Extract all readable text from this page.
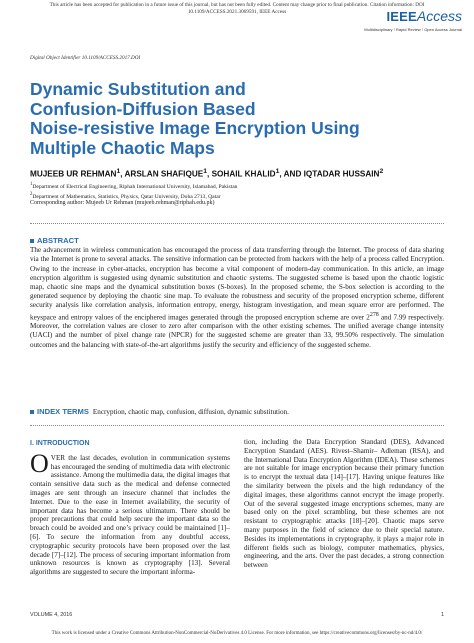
This article has been accepted for publication in a future issue of this journal, but has not been fully edited. Content may change prior to final publication. Citation information: DOI
10.1109/ACCESS.2021.3069591, IEEE Access	IEEEAccess
Multidisciplinary ⁝ Rapid Review ⁝ Open Access Journal
Digital Object Identifier 10.1109/ACCESS.2017.DOI
Dynamic Substitution and
Confusion-Diffusion Based
Noise-resistive Image Encryption Using
Multiple Chaotic Maps
MUJEEB UR REHMAN$^1$, ARSLAN SHAFIQUE$^1$, SOHAIL KHALID$^1$, AND IQTADAR HUSSAIN$^2$
$^1$Department of Electrical Engineering, Riphah International University, Islamabad, Pakistan
$^2$Department of Mathematics, Statistics, Physics, Qatar University, Doha 2713, Qatar
Corresponding author: Mujeeb Ur Rehman (mujeeb.rehman@riphah.edu.pk)
ABSTRACT
The advancement in wireless communication has encouraged the process of data transferring through the Internet. The process of data sharing via the Internet is prone to several attacks. The sensitive information can be protected from hackers with the help of a process called Encryption. Owing to the increase in cyber-attacks, encryption has become a vital component of modern-day communication. In this article, an image encryption algorithm is suggested using dynamic substitution and chaotic systems. The suggested scheme is based upon the chaotic logistic map, chaotic sine maps and the dynamical substitution boxes (S-boxes). In the proposed scheme, the S-box selection is according to the generated sequence by deploying the chaotic sine map. To evaluate the robustness and security of the proposed encryption scheme, different security analysis like correlation analysis, information entropy, energy, histogram investigation, and mean square error are performed. The keyspace and entropy values of the enciphered images generated through the proposed encryption scheme are over $2^{278}$ and 7.99 respectively. Moreover, the correlation values are closer to zero after comparison with the other existing schemes. The unified average change intensity (UACI) and the number of pixel change rate (NPCR) for the suggested scheme are greater than 33, 99.50% respectively. The simulation outcomes and the balancing with state-of-the-art algorithms justify the security and efficiency of the suggested scheme.
INDEX TERMS Encryption, chaotic map, confusion, diffusion, dynamic substitution.
I. INTRODUCTION
O VER the last decades, evolution in communication systems has encouraged the sending of multimedia data with electronic assistance. Among the multimedia data, the digital images that contain sensitive data such as the medical and defense connected images are sent through an insecure channel that includes the Internet. Due to the ease in Internet availability, the security of important data has become a serious ultimatum. There should be proper precautions that could help secure the important data so the breach could be avoided and one’s privacy could be maintained [1]–[6]. To secure the information from any doubtful access, cryptographic security protocols have been proposed over the last decade [7]–[12]. The process of securing important information from unknown resources is known as cryptography [13]. Several algorithms are suggested to secure the important informa-
tion, including the Data Encryption Standard (DES), Advanced Encryption Standard (AES). Rivest–Shamir– Adleman (RSA), and the International Data Encryption Algorithm (IDEA). These schemes are not suitable for image encryption because their primary function is to encrypt the textual data [14]–[17]. Having unique features like the similarity between the pixels and the high redundancy of the digital images, these algorithms cannot encrypt the image properly. Out of the several suggested image encryptions schemes, many are based only on the pixel scrambling, but these schemes are not resistant to cryptographic attacks [18]–[20]. Chaotic maps serve many purposes in the field of science due to their special nature. Besides its implementations in cryptography, it plays a major role in different fields such as biology, computer mathematics, physics, engineering, and the arts. Over the past decades, a strong connection between
VOLUME 4, 2016	1
This work is licensed under a Creative Commons Attribution-NonCommercial-NoDerivatives 4.0 License. For more information, see https://creativecommons.org/licenses/by-nc-nd/4.0/
